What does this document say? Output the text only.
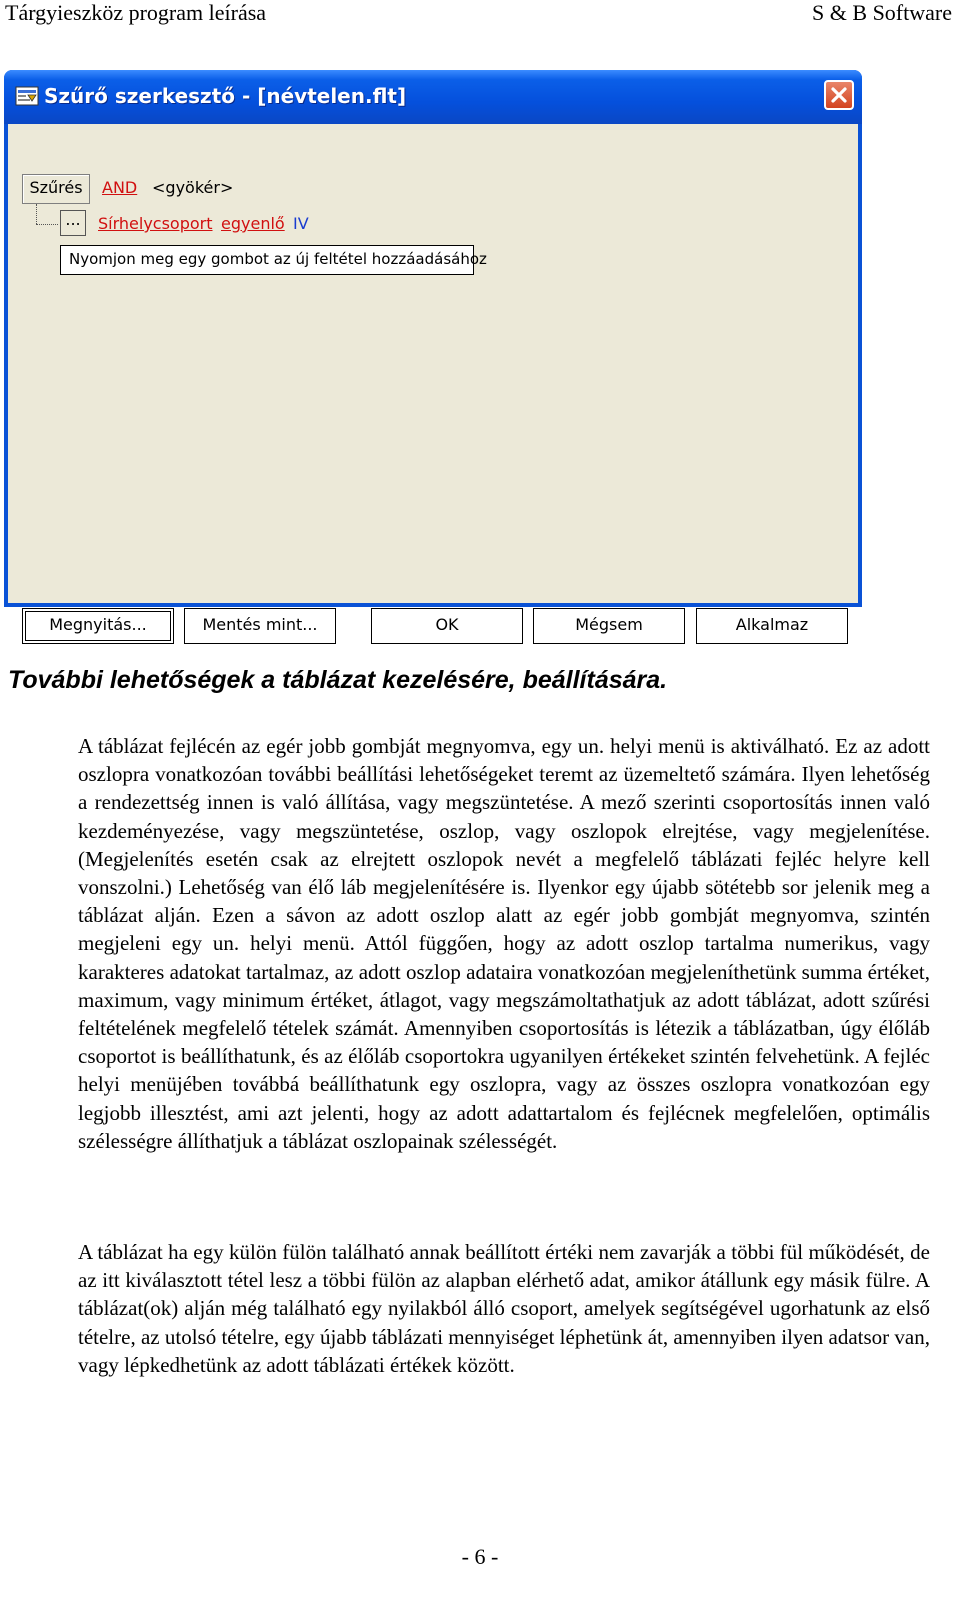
Tárgyieszköz program leírása	S & B Software
Szűrő szerkesztő - [névtelen.flt]
Szűrés	AND <gyökér>
...	Sírhelycsoport egyenlő IV
Nyomjon meg egy gombot az új feltétel hozzáadásához
Megnyitás...	Mentés mint...	OK	Mégsem	Alkalmaz
További lehetőségek a táblázat kezelésére, beállítására.

A táblázat fejlécén az egér jobb gombját megnyomva, egy un. helyi menü is aktiválható. Ez az adott oszlopra vonatkozóan további beállítási lehetőségeket teremt az üzemeltető számára. Ilyen lehetőség a rendezettség innen is való állítása, vagy megszüntetése. A mező szerinti csoportosítás innen való kezdeményezése, vagy megszüntetése, oszlop, vagy oszlopok elrejtése, vagy megjelenítése. (Megjelenítés esetén csak az elrejtett oszlopok nevét a megfelelő táblázati fejléc helyre kell vonszolni.) Lehetőség van élő láb megjelenítésére is. Ilyenkor egy újabb sötétebb sor jelenik meg a táblázat alján. Ezen a sávon az adott oszlop alatt az egér jobb gombját megnyomva, szintén megjeleni egy un. helyi menü. Attól függően, hogy az adott oszlop tartalma numerikus, vagy karakteres adatokat tartalmaz, az adott oszlop adataira vonatkozóan megjeleníthetünk summa értéket, maximum, vagy minimum értéket, átlagot, vagy megszámoltathatjuk az adott táblázat, adott szűrési feltételének megfelelő tételek számát. Amennyiben csoportosítás is létezik a táblázatban, úgy élőláb csoportot is beállíthatunk, és az élőláb csoportokra ugyanilyen értékeket szintén felvehetünk. A fejléc helyi menüjében továbbá beállíthatunk egy oszlopra, vagy az összes oszlopra vonatkozóan egy legjobb illesztést, ami azt jelenti, hogy az adott adattartalom és fejlécnek megfelelően, optimális szélességre állíthatjuk a táblázat oszlopainak szélességét.

A táblázat ha egy külön fülön található annak beállított értéki nem zavarják a többi fül működését, de az itt kiválasztott tétel lesz a többi fülön az alapban elérhető adat, amikor átállunk egy másik fülre. A táblázat(ok) alján még található egy nyilakból álló csoport, amelyek segítségével ugorhatunk az első tételre, az utolsó tételre, egy újabb táblázati mennyiséget léphetünk át, amennyiben ilyen adatsor van, vagy lépkedhetünk az adott táblázati értékek között.

- 6 -
